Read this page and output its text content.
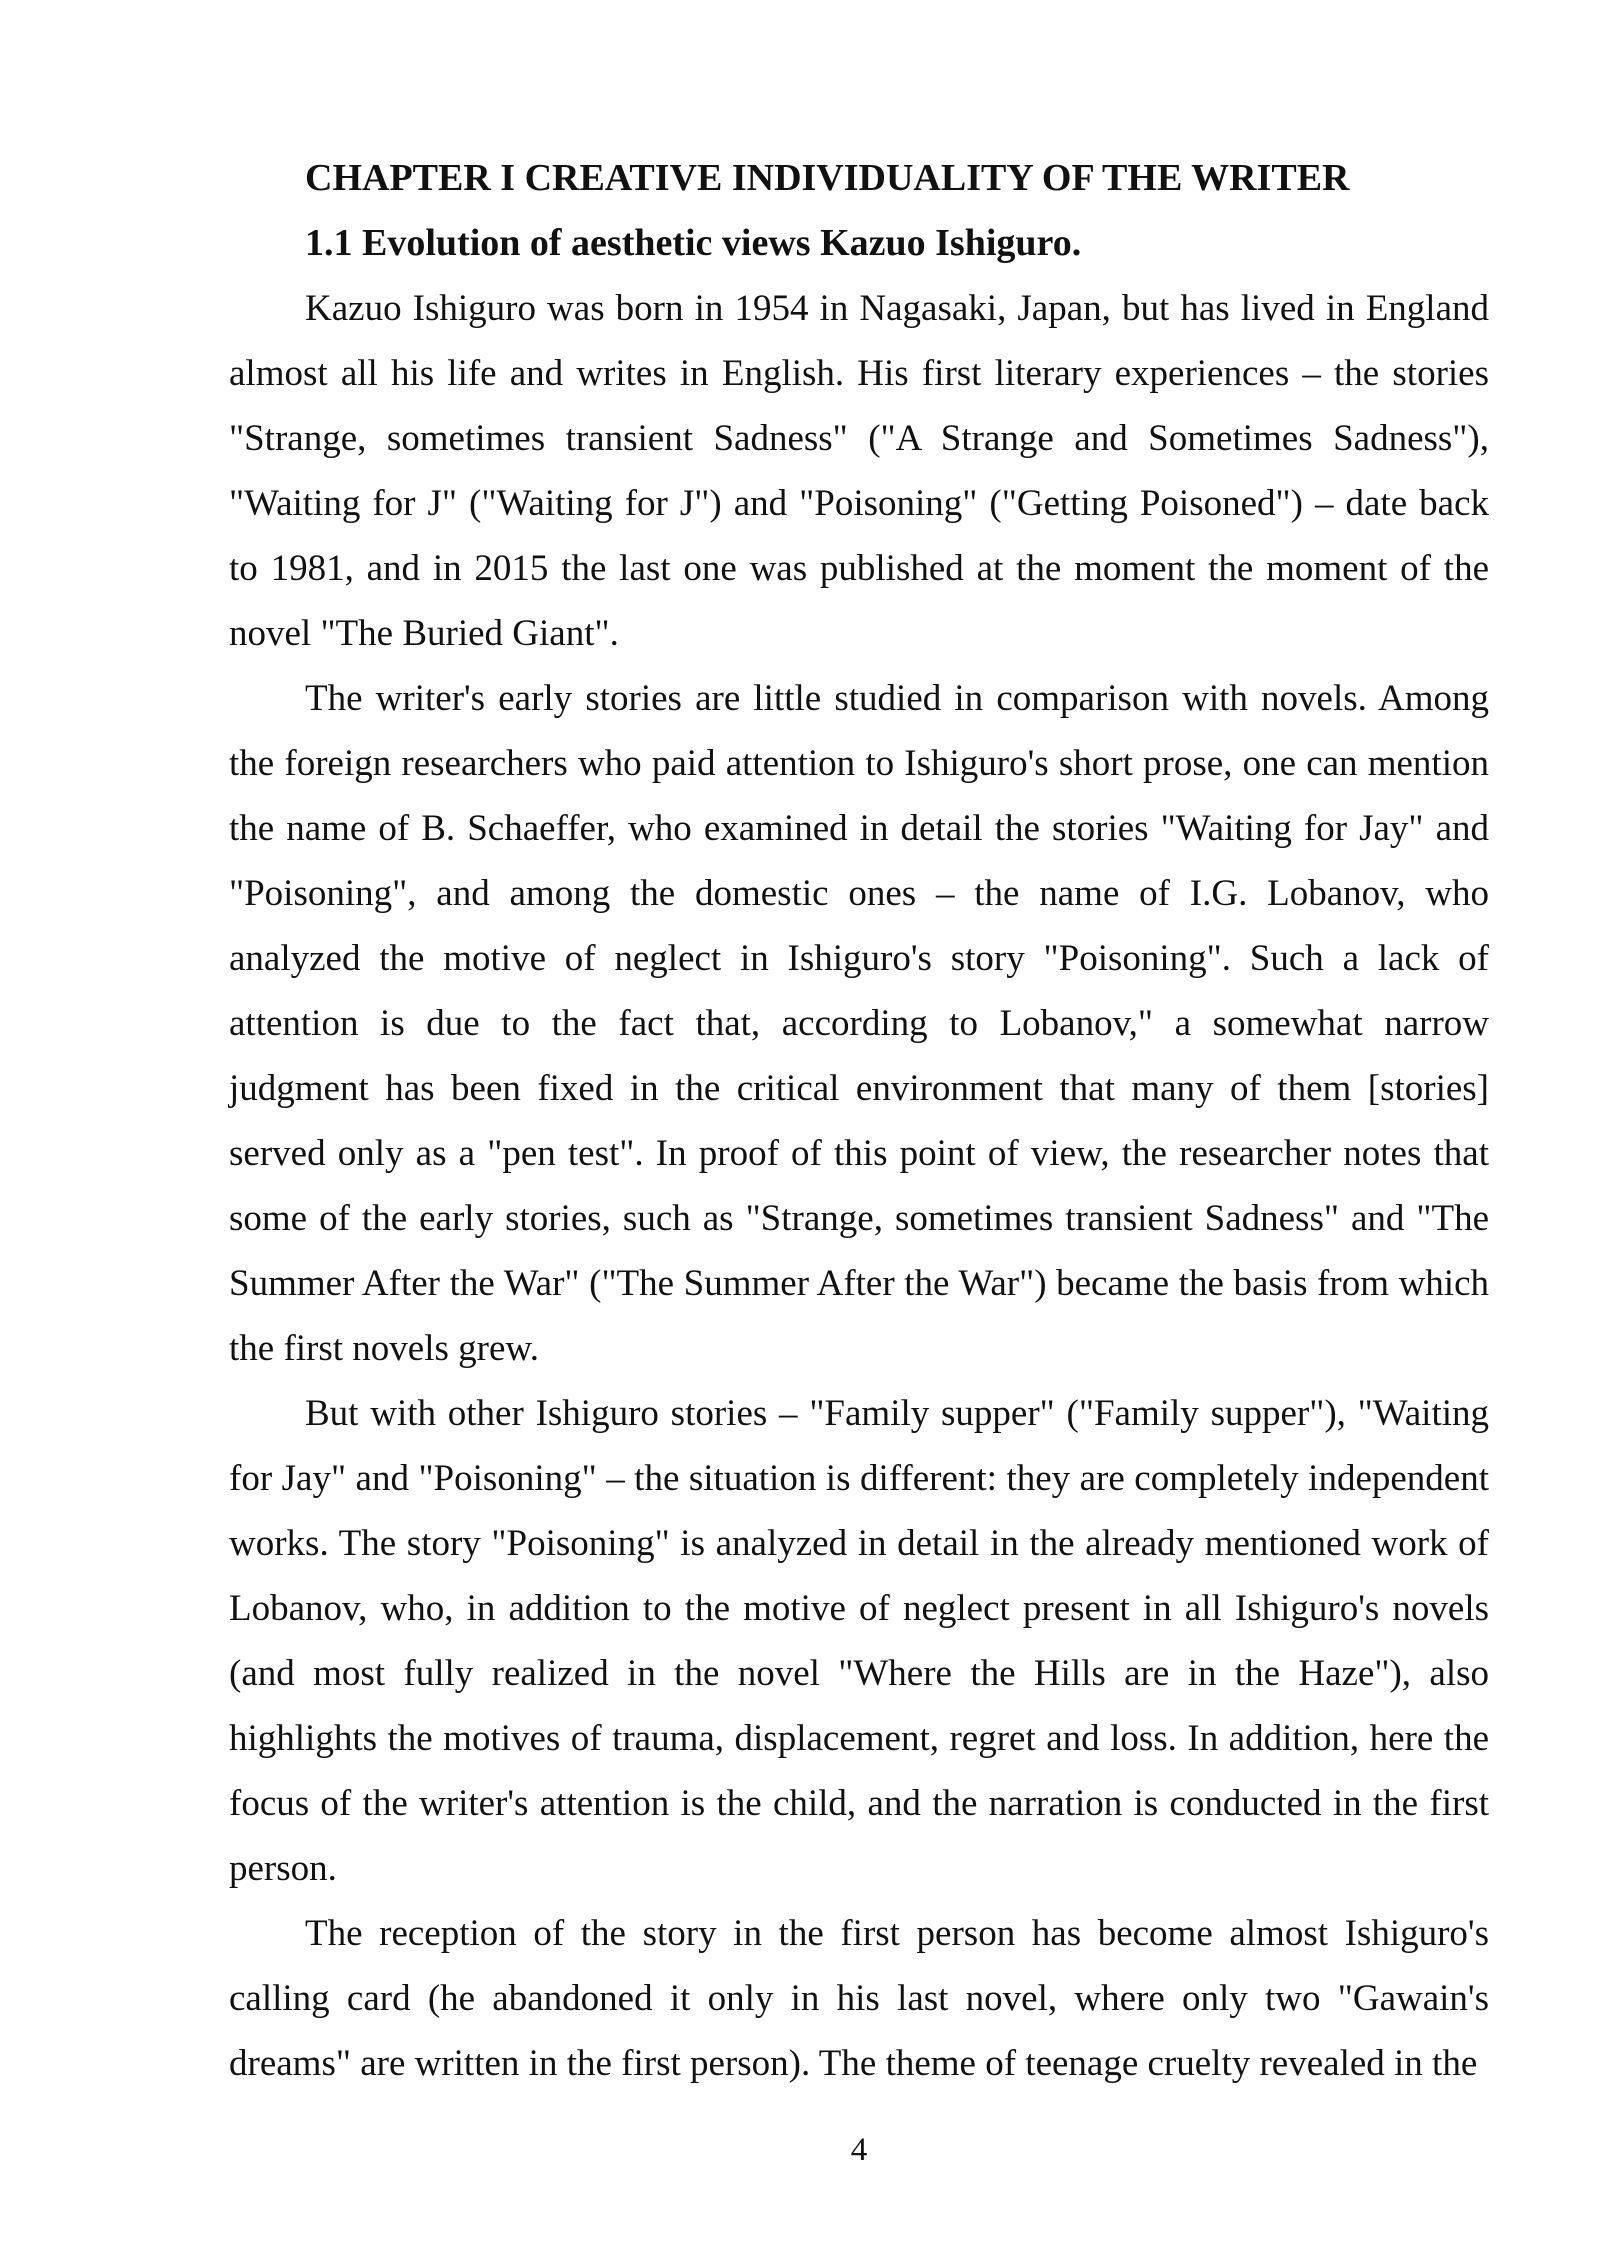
CHAPTER I CREATIVE INDIVIDUALITY OF THE WRITER

1.1 Evolution of aesthetic views Kazuo Ishiguro.

Kazuo Ishiguro was born in 1954 in Nagasaki, Japan, but has lived in England almost all his life and writes in English. His first literary experiences – the stories "Strange, sometimes transient Sadness" ("A Strange and Sometimes Sadness"), "Waiting for J" ("Waiting for J") and "Poisoning" ("Getting Poisoned") – date back to 1981, and in 2015 the last one was published at the moment the moment of the novel "The Buried Giant".

The writer's early stories are little studied in comparison with novels. Among the foreign researchers who paid attention to Ishiguro's short prose, one can mention the name of B. Schaeffer, who examined in detail the stories "Waiting for Jay" and "Poisoning", and among the domestic ones – the name of I.G. Lobanov, who analyzed the motive of neglect in Ishiguro's story "Poisoning". Such a lack of attention is due to the fact that, according to Lobanov," a somewhat narrow judgment has been fixed in the critical environment that many of them [stories] served only as a "pen test". In proof of this point of view, the researcher notes that some of the early stories, such as "Strange, sometimes transient Sadness" and "The Summer After the War" ("The Summer After the War") became the basis from which the first novels grew.

But with other Ishiguro stories – "Family supper" ("Family supper"), "Waiting for Jay" and "Poisoning" – the situation is different: they are completely independent works. The story "Poisoning" is analyzed in detail in the already mentioned work of Lobanov, who, in addition to the motive of neglect present in all Ishiguro's novels (and most fully realized in the novel "Where the Hills are in the Haze"), also highlights the motives of trauma, displacement, regret and loss. In addition, here the focus of the writer's attention is the child, and the narration is conducted in the first person.

The reception of the story in the first person has become almost Ishiguro's calling card (he abandoned it only in his last novel, where only two "Gawain's dreams" are written in the first person). The theme of teenage cruelty revealed in the

4
